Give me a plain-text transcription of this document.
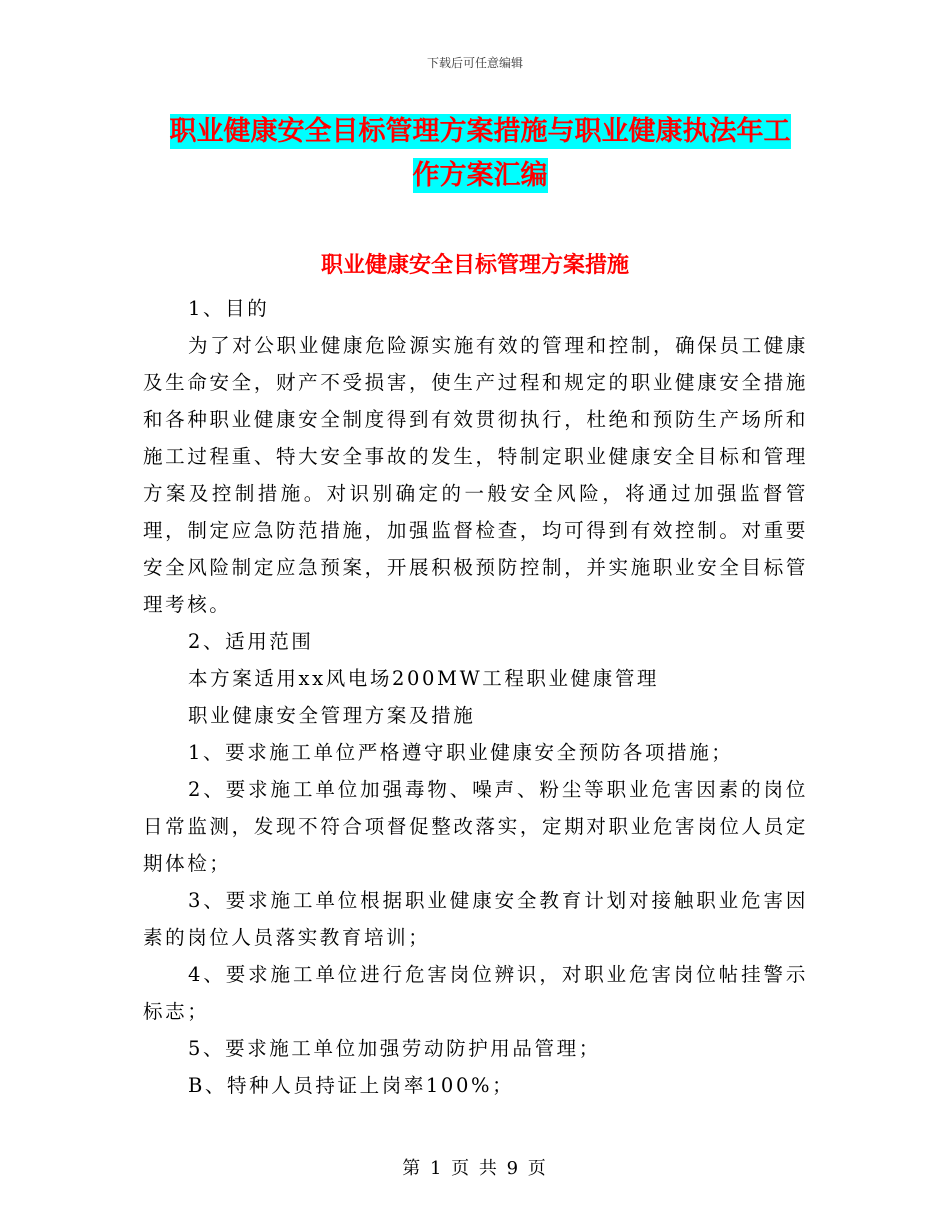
下载后可任意编辑
职业健康安全目标管理方案措施与职业健康执法年工
作方案汇编
职业健康安全目标管理方案措施

1、目的

为了对公职业健康危险源实施有效的管理和控制，确保员工健康及生命安全，财产不受损害，使生产过程和规定的职业健康安全措施和各种职业健康安全制度得到有效贯彻执行，杜绝和预防生产场所和施工过程重、特大安全事故的发生，特制定职业健康安全目标和管理方案及控制措施。对识别确定的一般安全风险，将通过加强监督管理，制定应急防范措施，加强监督检查，均可得到有效控制。对重要安全风险制定应急预案，开展积极预防控制，并实施职业安全目标管理考核。

2、适用范围

本方案适用xx风电场200MW工程职业健康管理

职业健康安全管理方案及措施

1、要求施工单位严格遵守职业健康安全预防各项措施；

2、要求施工单位加强毒物、噪声、粉尘等职业危害因素的岗位日常监测，发现不符合项督促整改落实，定期对职业危害岗位人员定期体检；

3、要求施工单位根据职业健康安全教育计划对接触职业危害因素的岗位人员落实教育培训；

4、要求施工单位进行危害岗位辨识，对职业危害岗位帖挂警示标志；

5、要求施工单位加强劳动防护用品管理；

B、特种人员持证上岗率100%；

第 1 页 共 9 页
